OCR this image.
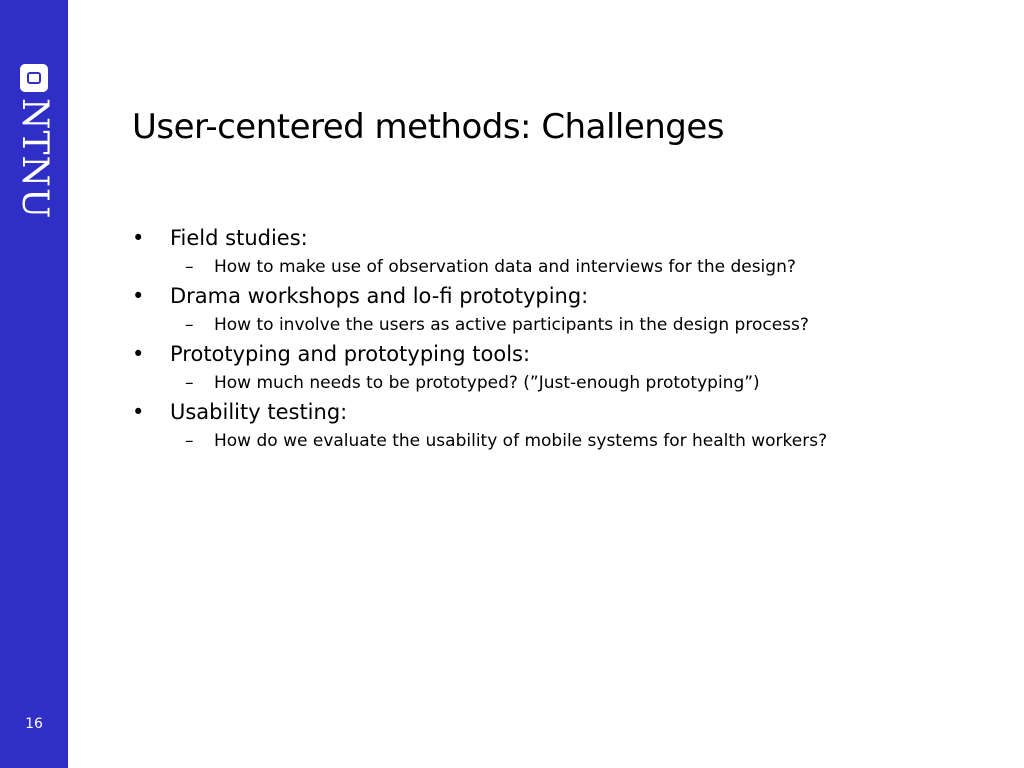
NTNU
16
User-centered methods: Challenges
• Field studies:
– How to make use of observation data and interviews for the design?
• Drama workshops and lo-fi prototyping:
– How to involve the users as active participants in the design process?
• Prototyping and prototyping tools:
– How much needs to be prototyped? (”Just-enough prototyping”)
• Usability testing:
– How do we evaluate the usability of mobile systems for health workers?
